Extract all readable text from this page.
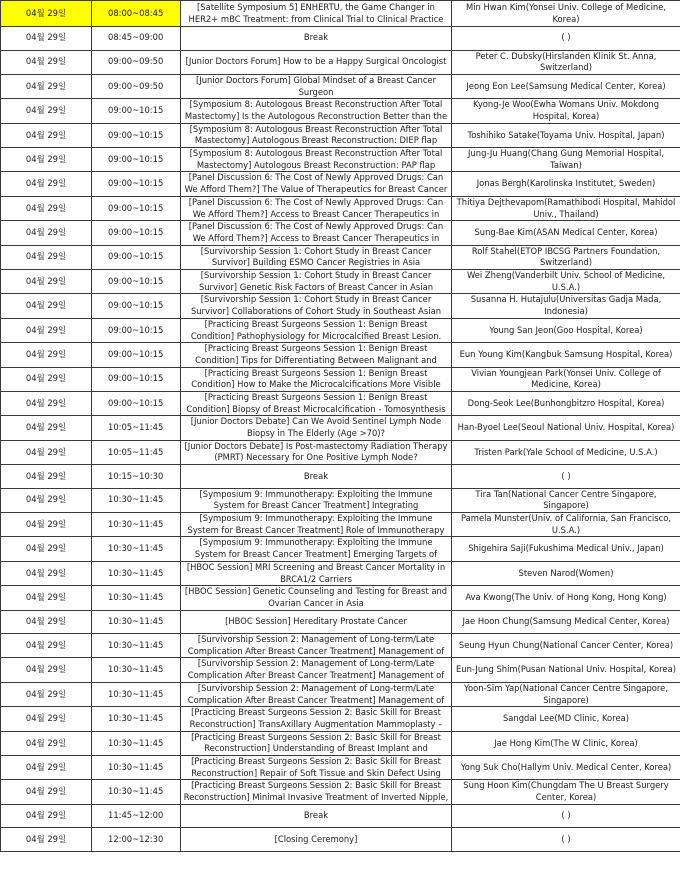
04월 29일	08:00~08:45	[Satellite Symposium 5] ENHERTU, the Game Changer in HER2+ mBC Treatment: from Clinical Trial to Clinical Practice	Min Hwan Kim(Yonsei Univ. College of Medicine, Korea)

04월 29일	08:45~09:00	Break	( )

04월 29일	09:00~09:50	[Junior Doctors Forum] How to be a Happy Surgical Oncologist	Peter C. Dubsky(Hirslanden Klinik St. Anna, Switzerland)

04월 29일	09:00~09:50	[Junior Doctors Forum] Global Mindset of a Breast Cancer Surgeon	Jeong Eon Lee(Samsung Medical Center, Korea)

04월 29일	09:00~10:15	[Symposium 8: Autologous Breast Reconstruction After Total Mastectomy] Is the Autologous Reconstruction Better than the	Kyong-Je Woo(Ewha Womans Univ. Mokdong Hospital, Korea)

04월 29일	09:00~10:15	[Symposium 8: Autologous Breast Reconstruction After Total Mastectomy] Autologous Breast Reconstruction: DIEP flap	Toshihiko Satake(Toyama Univ. Hospital, Japan)

04월 29일	09:00~10:15	[Symposium 8: Autologous Breast Reconstruction After Total Mastectomy] Autologous Breast Reconstruction: PAP flap	Jung-Ju Huang(Chang Gung Memorial Hospital, Taiwan)

04월 29일	09:00~10:15	[Panel Discussion 6: The Cost of Newly Approved Drugs: Can We Afford Them?] The Value of Therapeutics for Breast Cancer	Jonas Bergh(Karolinska Institutet, Sweden)

04월 29일	09:00~10:15	[Panel Discussion 6: The Cost of Newly Approved Drugs: Can We Afford Them?] Access to Breast Cancer Therapeutics in	Thitiya Dejthevapom(Ramathibodi Hospital, Mahidol Univ., Thailand)

04월 29일	09:00~10:15	[Panel Discussion 6: The Cost of Newly Approved Drugs: Can We Afford Them?] Access to Breast Cancer Therapeutics in	Sung-Bae Kim(ASAN Medical Center, Korea)

04월 29일	09:00~10:15	[Survivorship Session 1: Cohort Study in Breast Cancer Survivor] Building ESMO Cancer Registries in Asia	Rolf Stahel(ETOP IBCSG Partners Foundation, Switzerland)

04월 29일	09:00~10:15	[Survivorship Session 1: Cohort Study in Breast Cancer Survivor] Genetic Risk Factors of Breast Cancer in Asian	Wei Zheng(Vanderbilt Univ. School of Medicine, U.S.A.)

04월 29일	09:00~10:15	[Survivorship Session 1: Cohort Study in Breast Cancer Survivor] Collaborations of Cohort Study in Southeast Asian	Susanna H. Hutajulu(Universitas Gadja Mada, Indonesia)

04월 29일	09:00~10:15	[Practicing Breast Surgeons Session 1: Benign Breast Condition] Pathophysiology for Microcalcified Breast Lesion.	Young San Jeon(Goo Hospital, Korea)

04월 29일	09:00~10:15	[Practicing Breast Surgeons Session 1: Benign Breast Condition] Tips for Differentiating Between Malignant and	Eun Young Kim(Kangbuk Samsung Hospital, Korea)

04월 29일	09:00~10:15	[Practicing Breast Surgeons Session 1: Benign Breast Condition] How to Make the Microcalcifications More Visible	Vivian Youngjean Park(Yonsei Univ. College of Medicine, Korea)

04월 29일	09:00~10:15	[Practicing Breast Surgeons Session 1: Benign Breast Condition] Biopsy of Breast Microcalcification - Tomosynthesis	Dong-Seok Lee(Bunhongbitzro Hospital, Korea)

04월 29일	10:05~11:45	[Junior Doctors Debate] Can We Avoid Sentinel Lymph Node Biopsy in The Elderly (Age >70)?	Han-Byoel Lee(Seoul National Univ. Hospital, Korea)

04월 29일	10:05~11:45	[Junior Doctors Debate] Is Post-mastectomy Radiation Therapy (PMRT) Necessary for One Positive Lymph Node?	Tristen Park(Yale School of Medicine, U.S.A.)

04월 29일	10:15~10:30	Break	( )

04월 29일	10:30~11:45	[Symposium 9: Immunotherapy: Exploiting the Immune System for Breast Cancer Treatment] Integrating	Tira Tan(National Cancer Centre Singapore, Singapore)

04월 29일	10:30~11:45	[Symposium 9: Immunotherapy: Exploiting the Immune System for Breast Cancer Treatment] Role of Immunotherapy	Pamela Munster(Univ. of California, San Francisco, U.S.A.)

04월 29일	10:30~11:45	[Symposium 9: Immunotherapy: Exploiting the Immune System for Breast Cancer Treatment] Emerging Targets of	Shigehira Saji(Fukushima Medical Univ., Japan)

04월 29일	10:30~11:45	[HBOC Session] MRI Screening and Breast Cancer Mortality in BRCA1/2 Carriers	Steven Narod(Women)

04월 29일	10:30~11:45	[HBOC Session] Genetic Counseling and Testing for Breast and Ovarian Cancer in Asia	Ava Kwong(The Univ. of Hong Kong, Hong Kong)

04월 29일	10:30~11:45	[HBOC Session] Hereditary Prostate Cancer	Jae Hoon Chung(Samsung Medical Center, Korea)

04월 29일	10:30~11:45	[Survivorship Session 2: Management of Long-term/Late Complication After Breast Cancer Treatment] Management of	Seung Hyun Chung(National Cancer Center, Korea)

04월 29일	10:30~11:45	[Survivorship Session 2: Management of Long-term/Late Complication After Breast Cancer Treatment] Management of	Eun-Jung Shim(Pusan National Univ. Hospital, Korea)

04월 29일	10:30~11:45	[Survivorship Session 2: Management of Long-term/Late Complication After Breast Cancer Treatment] Management of	Yoon-Sim Yap(National Cancer Centre Singapore, Singapore)

04월 29일	10:30~11:45	[Practicing Breast Surgeons Session 2: Basic Skill for Breast Reconstruction] TransAxillary Augmentation Mammoplasty –	Sangdal Lee(MD Clinic, Korea)

04월 29일	10:30~11:45	[Practicing Breast Surgeons Session 2: Basic Skill for Breast Reconstruction] Understanding of Breast Implant and	Jae Hong Kim(The W Clinic, Korea)

04월 29일	10:30~11:45	[Practicing Breast Surgeons Session 2: Basic Skill for Breast Reconstruction] Repair of Soft Tissue and Skin Defect Using	Yong Suk Cho(Hallym Univ. Medical Center, Korea)

04월 29일	10:30~11:45	[Practicing Breast Surgeons Session 2: Basic Skill for Breast Reconstruction] Minimal Invasive Treatment of Inverted Nipple,	Sung Hoon Kim(Chungdam The U Breast Surgery Center, Korea)

04월 29일	11:45~12:00	Break	( )

04월 29일	12:00~12:30	[Closing Ceremony]	( )
